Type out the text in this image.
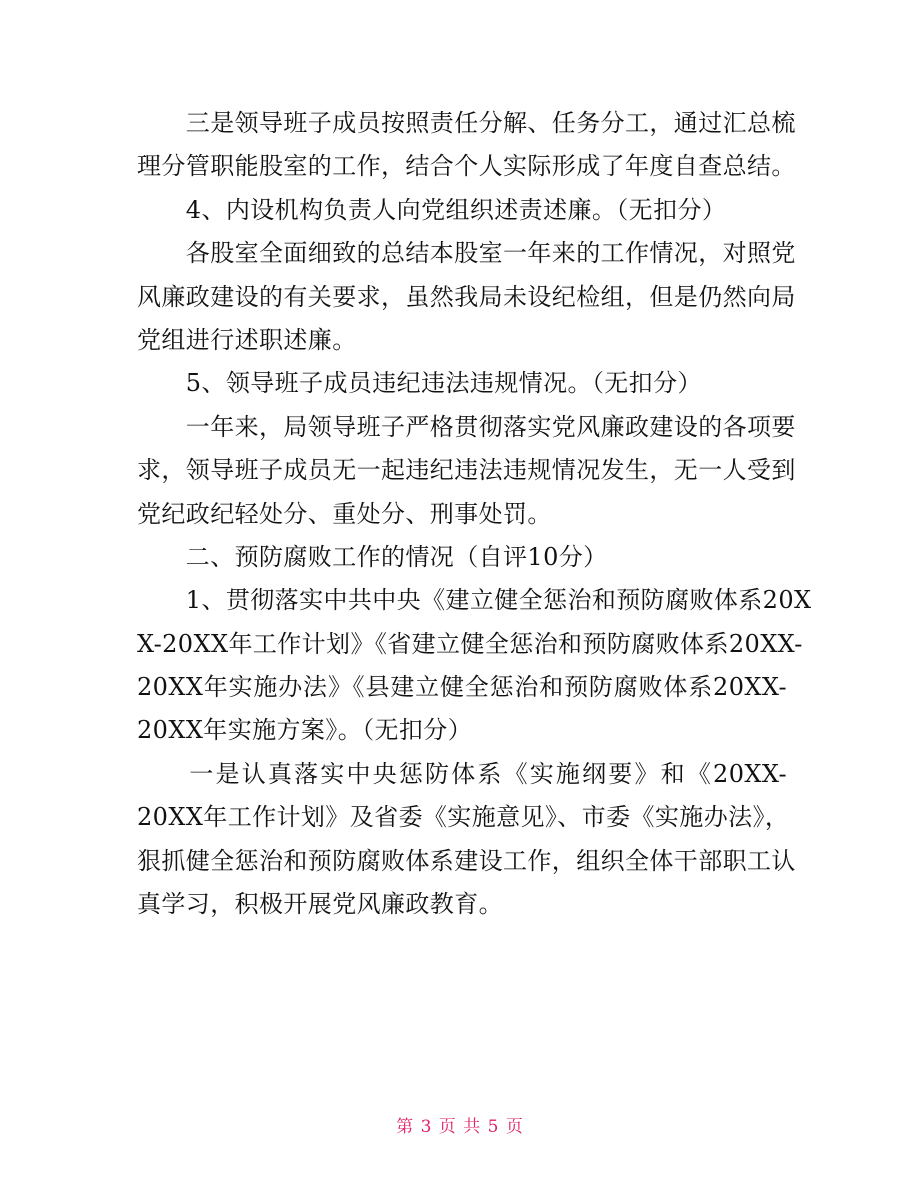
　　三是领导班子成员按照责任分解、任务分工，通过汇总梳
理分管职能股室的工作，结合个人实际形成了年度自查总结。
　　4、内设机构负责人向党组织述责述廉。（无扣分）
　　各股室全面细致的总结本股室一年来的工作情况，对照党
风廉政建设的有关要求，虽然我局未设纪检组，但是仍然向局
党组进行述职述廉。
　　5、领导班子成员违纪违法违规情况。（无扣分）
　　一年来，局领导班子严格贯彻落实党风廉政建设的各项要
求，领导班子成员无一起违纪违法违规情况发生，无一人受到
党纪政纪轻处分、重处分、刑事处罚。
　　二、预防腐败工作的情况（自评10分）
　　1、贯彻落实中共中央《建立健全惩治和预防腐败体系20X
X-20XX年工作计划》《省建立健全惩治和预防腐败体系20XX-
20XX年实施办法》《县建立健全惩治和预防腐败体系20XX-
20XX年实施方案》。（无扣分）
　　一是认真落实中央惩防体系《实施纲要》和《20XX-
20XX年工作计划》及省委《实施意见》、市委《实施办法》，
狠抓健全惩治和预防腐败体系建设工作，组织全体干部职工认
真学习，积极开展党风廉政教育。
第 3 页 共 5 页
